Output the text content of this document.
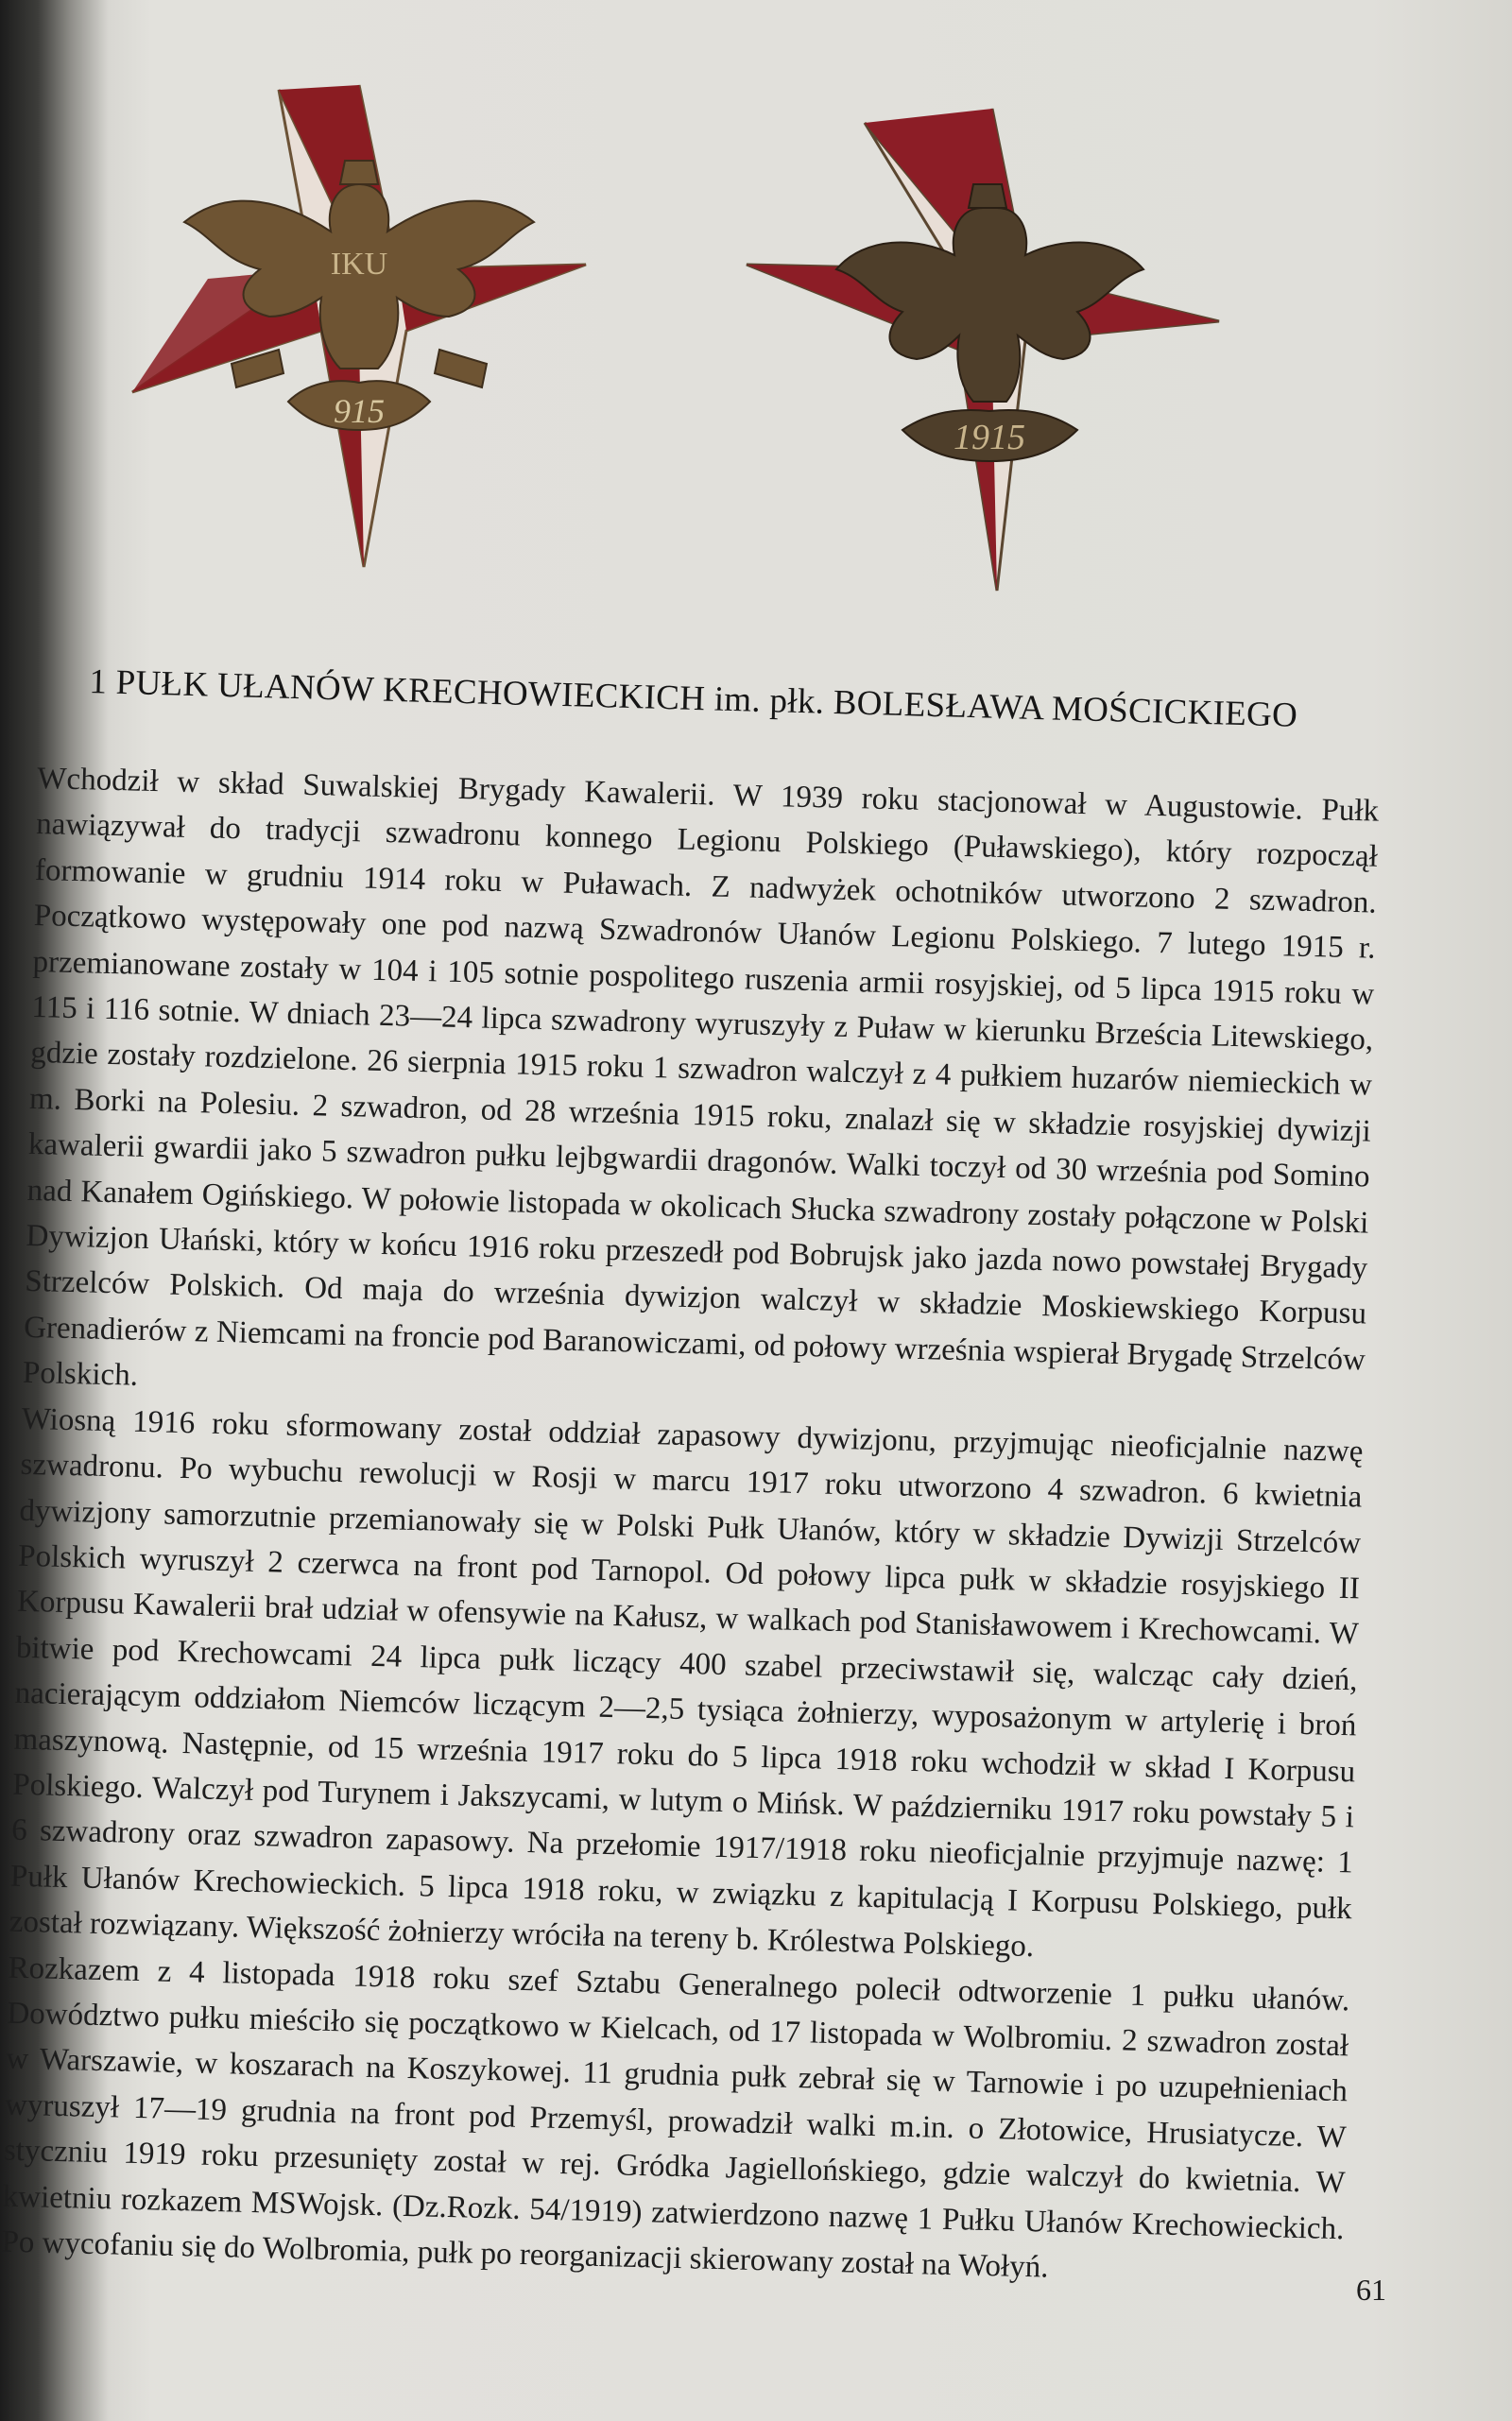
IKU
915
1915
1 PUŁK UŁANÓW KRECHOWIECKICH im. płk. BOLESŁAWA MOŚCICKIEGO

Wchodził w skład Suwalskiej Brygady Kawalerii. W 1939 roku stacjonował w Augustowie. Pułk nawiązywał do tradycji szwadronu konnego Legionu Polskiego (Puławskiego), który rozpoczął formowanie w grudniu 1914 roku w Puławach. Z nadwyżek ochotników utworzono 2 szwadron. Początkowo występowały one pod nazwą Szwadronów Ułanów Legionu Polskiego. 7 lutego 1915 r. przemianowane zostały w 104 i 105 sotnie pospolitego ruszenia armii rosyjskiej, od 5 lipca 1915 roku w 115 i 116 sotnie. W dniach 23—24 lipca szwadrony wyruszyły z Puław w kierunku Brześcia Litewskiego, gdzie zostały rozdzielone. 26 sierpnia 1915 roku 1 szwadron walczył z 4 pułkiem huzarów niemieckich w m. Borki na Polesiu. 2 szwadron, od 28 września 1915 roku, znalazł się w składzie rosyjskiej dywizji kawalerii gwardii jako 5 szwadron pułku lejbgwardii dragonów. Walki toczył od 30 września pod Somino nad Kanałem Ogińskiego. W połowie listopada w okolicach Słucka szwadrony zostały połączone w Polski Dywizjon Ułański, który w końcu 1916 roku przeszedł pod Bobrujsk jako jazda nowo powstałej Brygady Strzelców Polskich. Od maja do września dywizjon walczył w składzie Moskiewskiego Korpusu Grenadierów z Niemcami na froncie pod Baranowiczami, od połowy września wspierał Brygadę Strzelców Polskich.

Wiosną 1916 roku sformowany został oddział zapasowy dywizjonu, przyjmując nieoficjalnie nazwę szwadronu. Po wybuchu rewolucji w Rosji w marcu 1917 roku utworzono 4 szwadron. 6 kwietnia dywizjony samorzutnie przemianowały się w Polski Pułk Ułanów, który w składzie Dywizji Strzelców Polskich wyruszył 2 czerwca na front pod Tarnopol. Od połowy lipca pułk w składzie rosyjskiego II Korpusu Kawalerii brał udział w ofensywie na Kałusz, w walkach pod Stanisławowem i Krechowcami. W bitwie pod Krechowcami 24 lipca pułk liczący 400 szabel przeciwstawił się, walcząc cały dzień, nacierającym oddziałom Niemców liczącym 2—2,5 tysiąca żołnierzy, wyposażonym w artylerię i broń maszynową. Następnie, od 15 września 1917 roku do 5 lipca 1918 roku wchodził w skład I Korpusu Polskiego. Walczył pod Turynem i Jakszycami, w lutym o Mińsk. W październiku 1917 roku powstały 5 i 6 szwadrony oraz szwadron zapasowy. Na przełomie 1917/1918 roku nieoficjalnie przyjmuje nazwę: 1 Pułk Ułanów Krechowieckich. 5 lipca 1918 roku, w związku z kapitulacją I Korpusu Polskiego, pułk został rozwiązany. Większość żołnierzy wróciła na tereny b. Królestwa Polskiego.

Rozkazem z 4 listopada 1918 roku szef Sztabu Generalnego polecił odtworzenie 1 pułku ułanów. Dowództwo pułku mieściło się początkowo w Kielcach, od 17 listopada w Wolbromiu. 2 szwadron został w Warszawie, w koszarach na Koszykowej. 11 grudnia pułk zebrał się w Tarnowie i po uzupełnieniach wyruszył 17—19 grudnia na front pod Przemyśl, prowadził walki m.in. o Złotowice, Hrusiatycze. W styczniu 1919 roku przesunięty został w rej. Gródka Jagiellońskiego, gdzie walczył do kwietnia. W kwietniu rozkazem MSWojsk. (Dz.Rozk. 54/1919) zatwierdzono nazwę 1 Pułku Ułanów Krechowieckich. Po wycofaniu się do Wolbromia, pułk po reorganizacji skierowany został na Wołyń.

61
